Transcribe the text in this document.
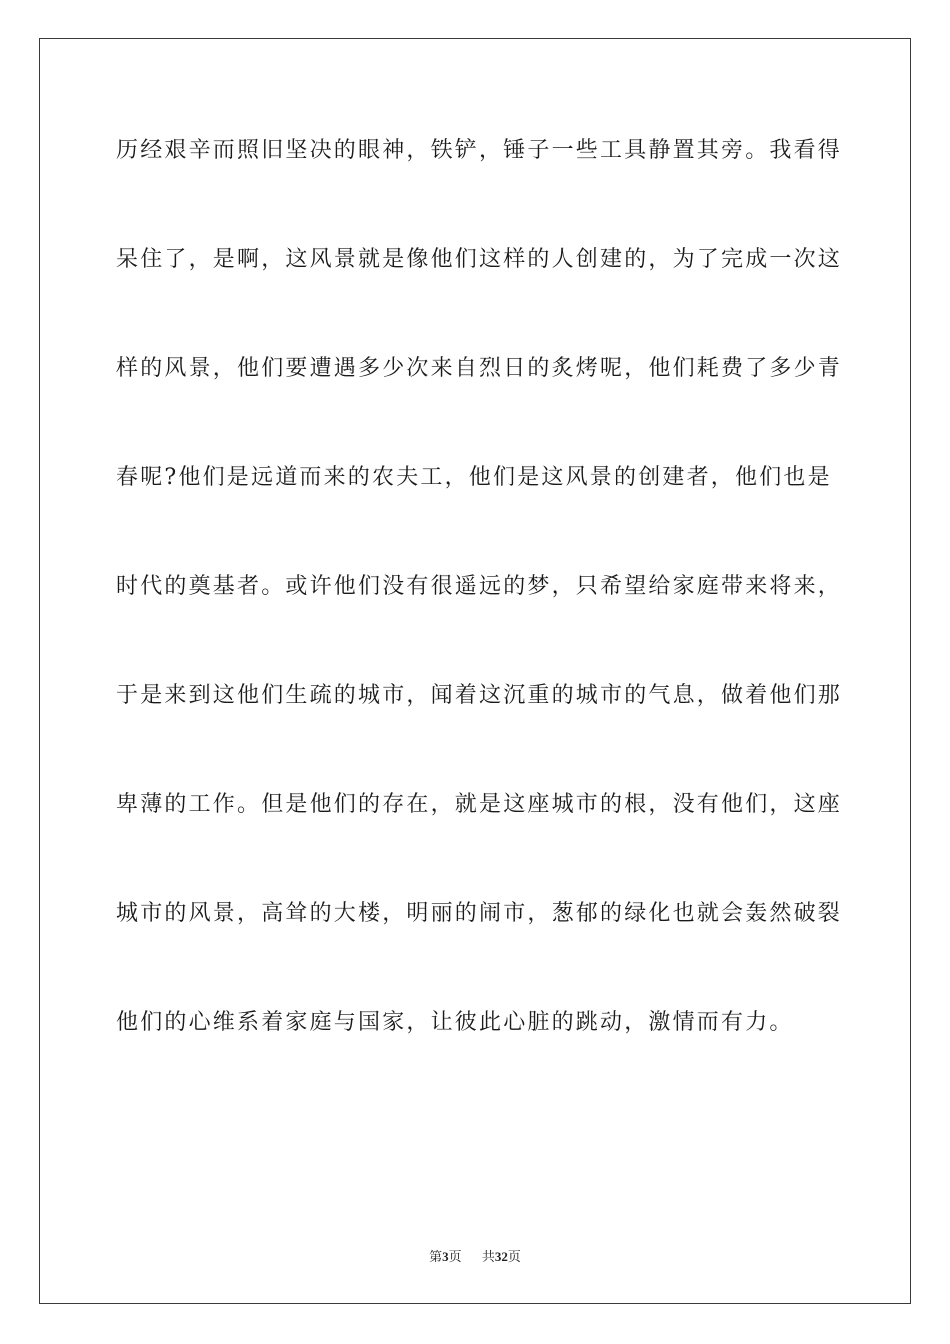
历经艰辛而照旧坚决的眼神，铁铲，锤子一些工具静置其旁。我看得
呆住了，是啊，这风景就是像他们这样的人创建的，为了完成一次这
样的风景，他们要遭遇多少次来自烈日的炙烤呢，他们耗费了多少青
春呢?他们是远道而来的农夫工，他们是这风景的创建者，他们也是
时代的奠基者。或许他们没有很遥远的梦，只希望给家庭带来将来，
于是来到这他们生疏的城市，闻着这沉重的城市的气息，做着他们那
卑薄的工作。但是他们的存在，就是这座城市的根，没有他们，这座
城市的风景，高耸的大楼，明丽的闹市，葱郁的绿化也就会轰然破裂
他们的心维系着家庭与国家，让彼此心脏的跳动，激情而有力。
第3页 共32页
